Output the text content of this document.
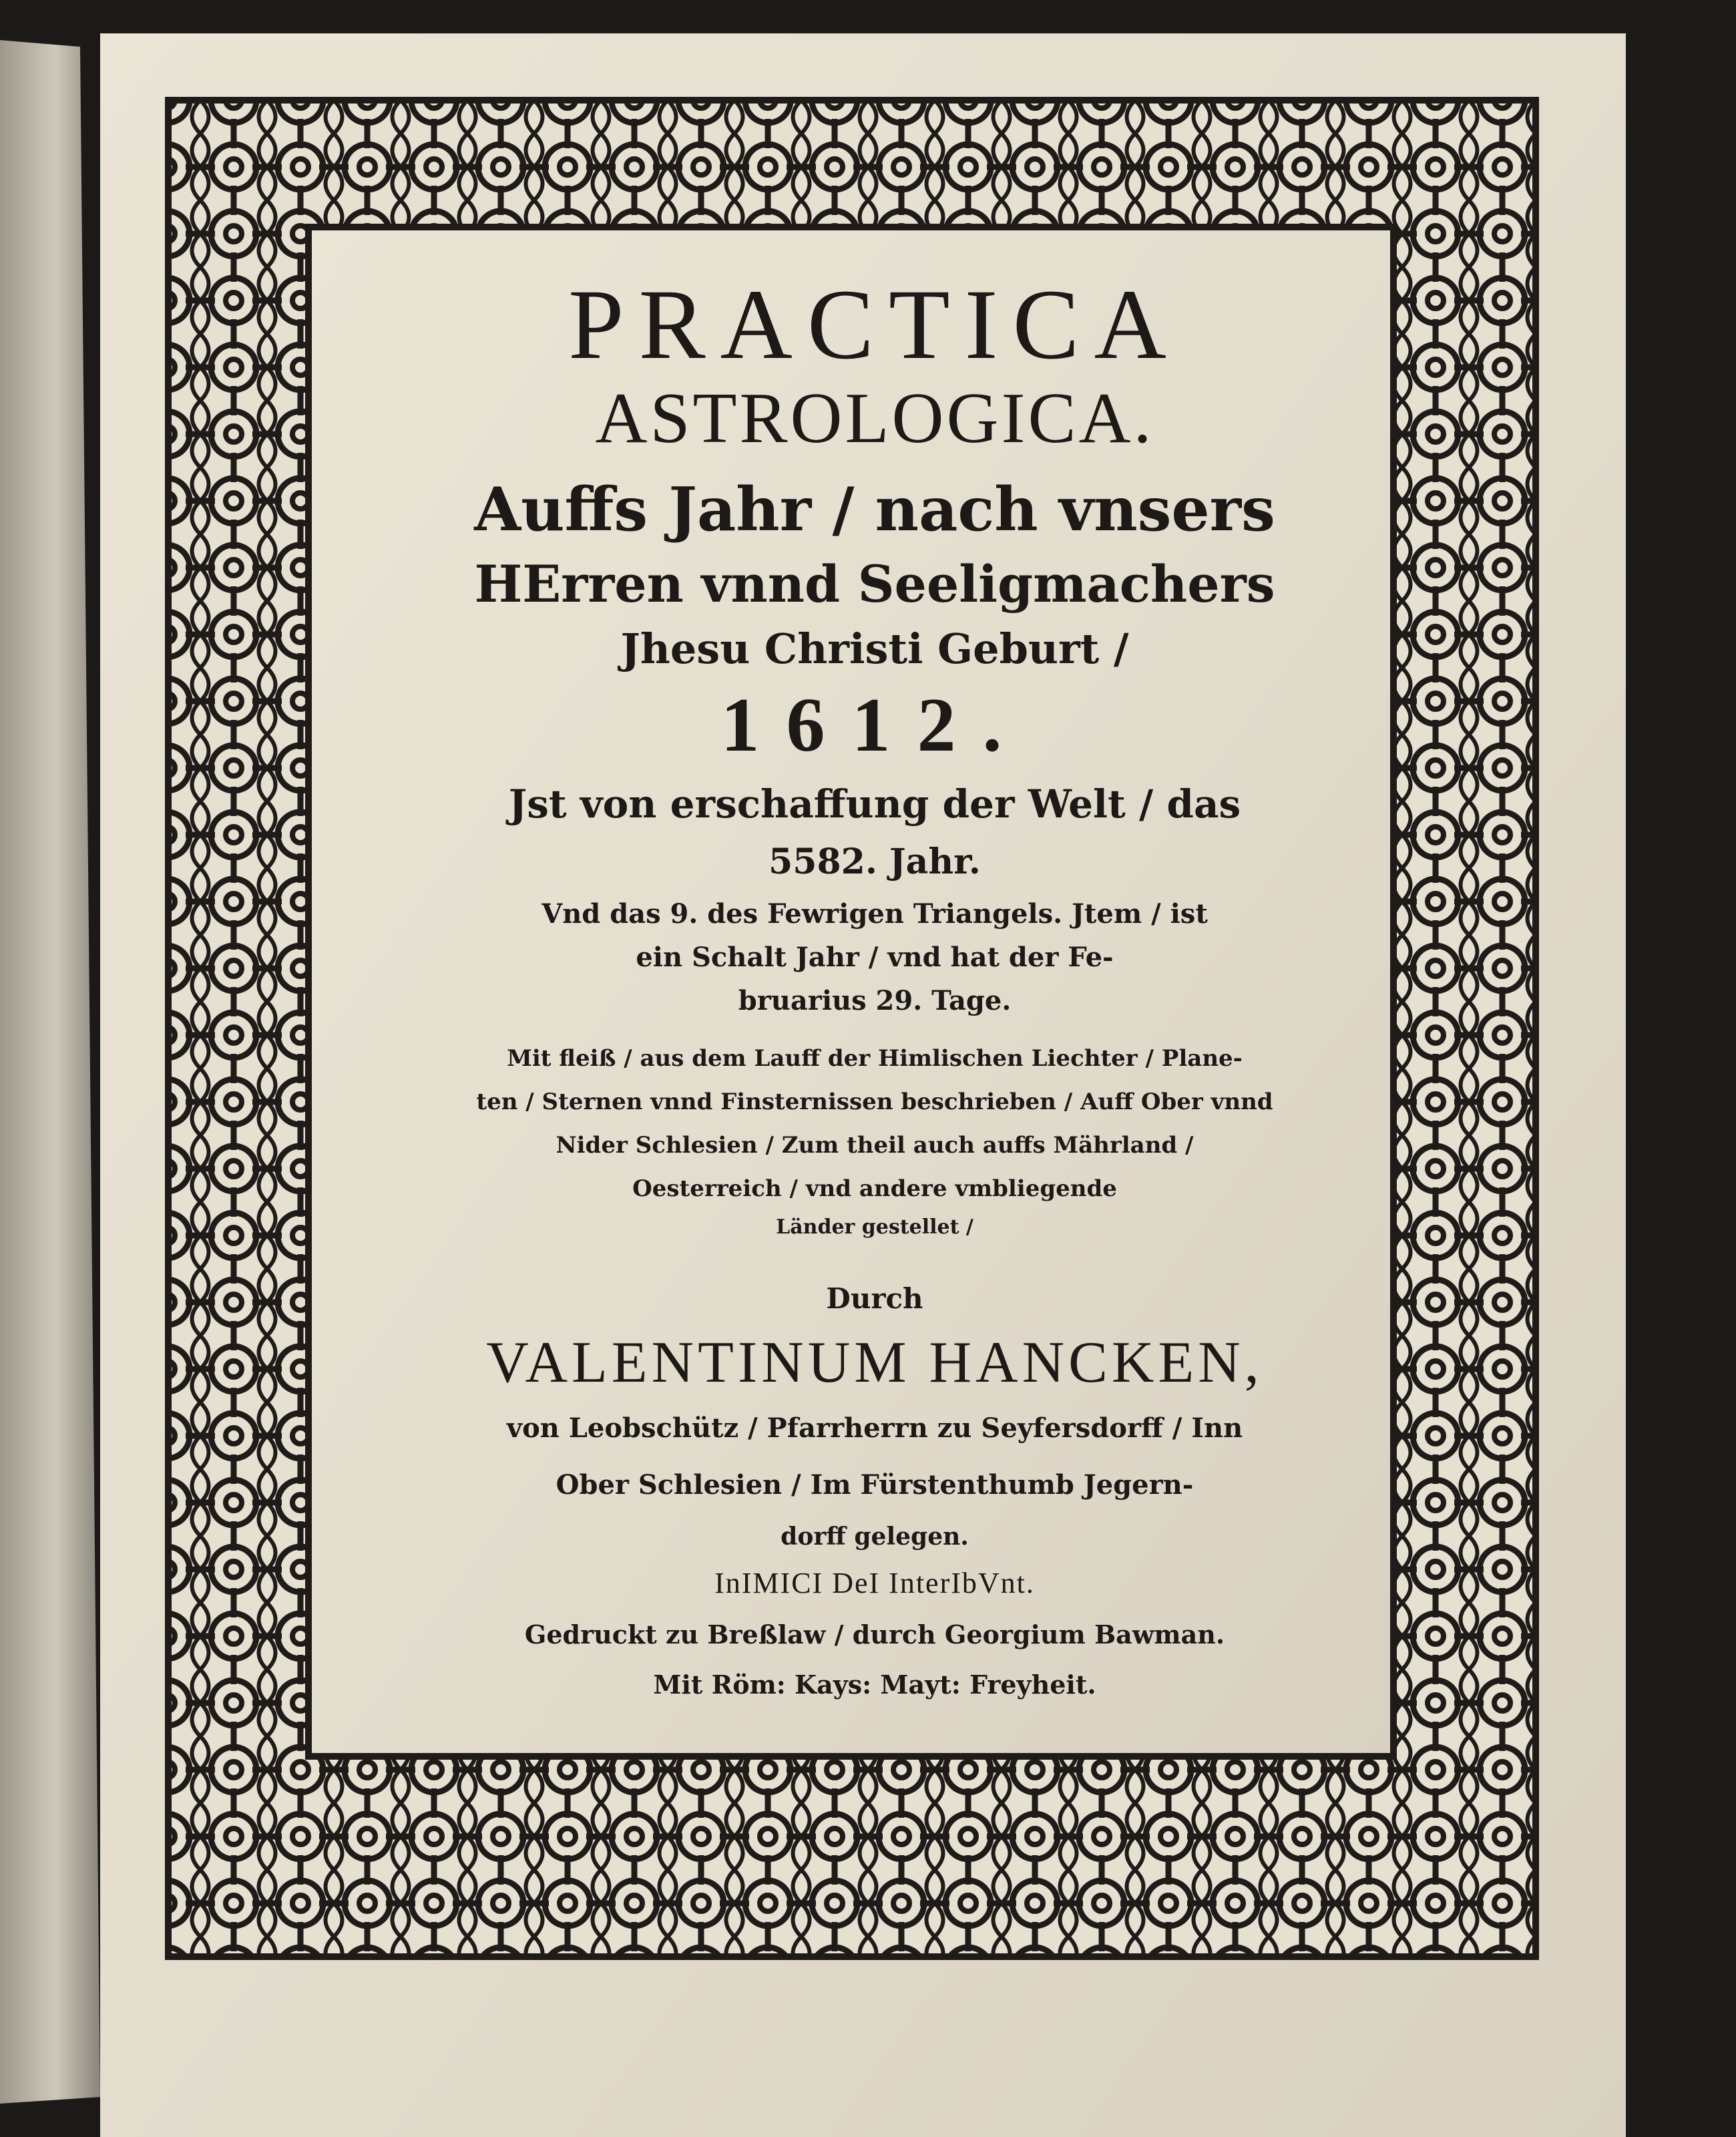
PRACTICA
ASTROLOGICA.
Auffs Jahr / nach vnsers
HErren vnnd Seeligmachers
Jhesu Christi Geburt /
1612.
Jst von erschaffung der Welt / das
5582. Jahr.
Vnd das 9. des Fewrigen Triangels. Jtem / ist
ein Schalt Jahr / vnd hat der Fe-
bruarius 29. Tage.
Mit fleiß / aus dem Lauff der Himlischen Liechter / Plane-
ten / Sternen vnnd Finsternissen beschrieben / Auff Ober vnnd
Nider Schlesien / Zum theil auch auffs Mährland /
Oesterreich / vnd andere vmbliegende
Länder gestellet /
Durch
VALENTINUM HANCKEN,
von Leobschütz / Pfarrherrn zu Seyfersdorff / Inn
Ober Schlesien / Im Fürstenthumb Jegern-
dorff gelegen.
InIMICI DeI InterIbVnt.
Gedruckt zu Breßlaw / durch Georgium Bawman.
Mit Röm: Kays: Mayt: Freyheit.
